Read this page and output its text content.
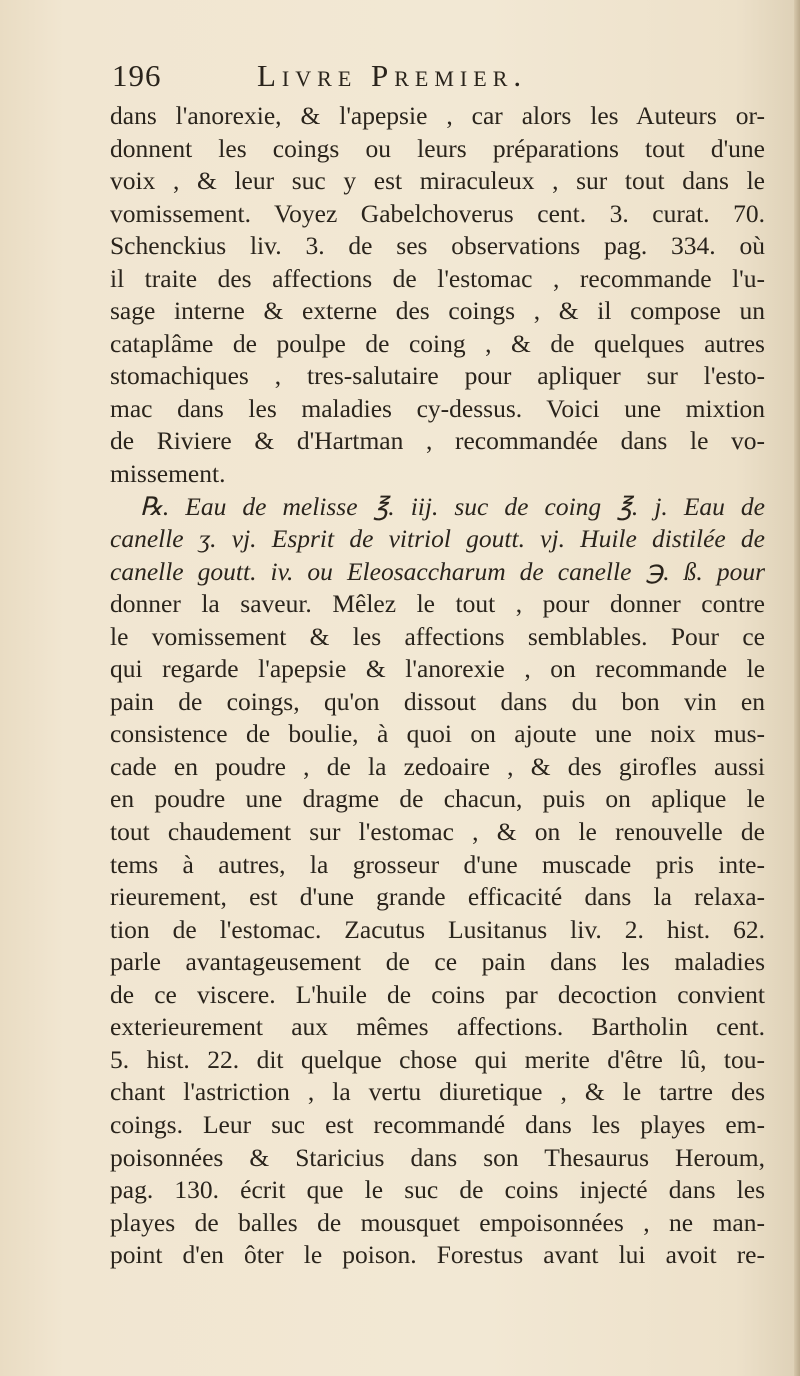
196	Livre Premier.
dans l'anorexie, & l'apepsie , car alors les Auteurs or-
donnent les coings ou leurs préparations tout d'une
voix , & leur suc y est miraculeux , sur tout dans le
vomissement. Voyez Gabelchoverus cent. 3. curat. 70.
Schenckius liv. 3. de ses observations pag. 334. où
il traite des affections de l'estomac , recommande l'u-
sage interne & externe des coings , & il compose un
cataplâme de poulpe de coing , & de quelques autres
stomachiques , tres-salutaire pour apliquer sur l'esto-
mac dans les maladies cy-dessus. Voici une mixtion
de Riviere & d'Hartman , recommandée dans le vo-
missement.
℞. Eau de melisse ℥. iij. suc de coing ℥. j. Eau de
canelle ʒ. vj. Esprit de vitriol goutt. vj. Huile distilée de
canelle goutt. iv. ou Eleosaccharum de canelle ℈. ß. pour
donner la saveur. Mêlez le tout , pour donner contre
le vomissement & les affections semblables. Pour ce
qui regarde l'apepsie & l'anorexie , on recommande le
pain de coings, qu'on dissout dans du bon vin en
consistence de boulie, à quoi on ajoute une noix mus-
cade en poudre , de la zedoaire , & des girofles aussi
en poudre une dragme de chacun, puis on aplique le
tout chaudement sur l'estomac , & on le renouvelle de
tems à autres, la grosseur d'une muscade pris inte-
rieurement, est d'une grande efficacité dans la relaxa-
tion de l'estomac. Zacutus Lusitanus liv. 2. hist. 62.
parle avantageusement de ce pain dans les maladies
de ce viscere. L'huile de coins par decoction convient
exterieurement aux mêmes affections. Bartholin cent.
5. hist. 22. dit quelque chose qui merite d'être lû, tou-
chant l'astriction , la vertu diuretique , & le tartre des
coings. Leur suc est recommandé dans les playes em-
poisonnées & Staricius dans son Thesaurus Heroum,
pag. 130. écrit que le suc de coins injecté dans les
playes de balles de mousquet empoisonnées , ne man-
point d'en ôter le poison. Forestus avant lui avoit re-
